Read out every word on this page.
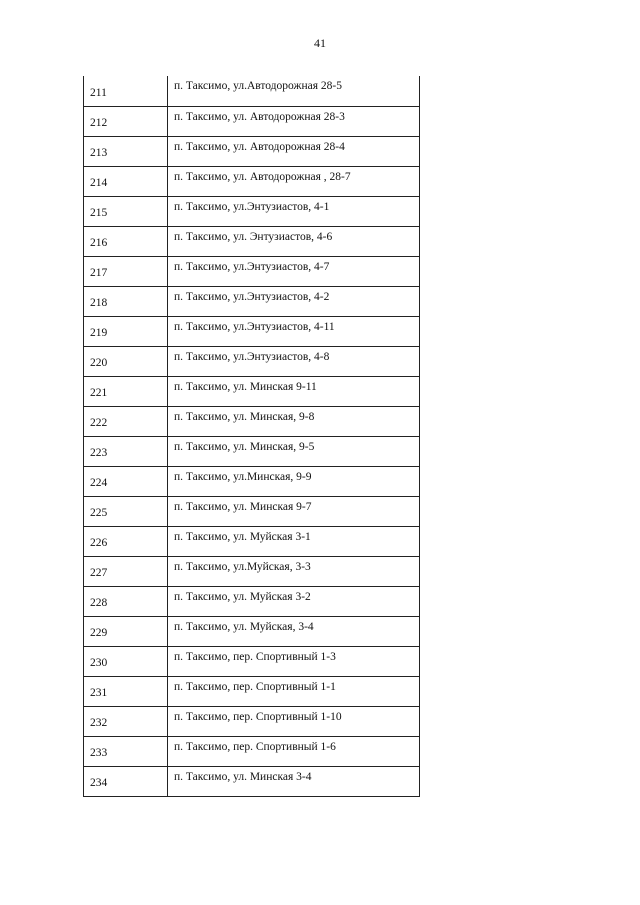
41
211	п. Таксимо, ул.Автодорожная 28-5
212	п. Таксимо, ул. Автодорожная 28-3
213	п. Таксимо, ул. Автодорожная 28-4
214	п. Таксимо, ул. Автодорожная , 28-7
215	п. Таксимо, ул.Энтузиастов, 4-1
216	п. Таксимо, ул. Энтузиастов, 4-6
217	п. Таксимо, ул.Энтузиастов, 4-7
218	п. Таксимо, ул.Энтузиастов, 4-2
219	п. Таксимо, ул.Энтузиастов, 4-11
220	п. Таксимо, ул.Энтузиастов, 4-8
221	п. Таксимо, ул. Минская 9-11
222	п. Таксимо, ул. Минская, 9-8
223	п. Таксимо, ул. Минская, 9-5
224	п. Таксимо, ул.Минская, 9-9
225	п. Таксимо, ул. Минская 9-7
226	п. Таксимо, ул. Муйская 3-1
227	п. Таксимо, ул.Муйская, 3-3
228	п. Таксимо, ул. Муйская 3-2
229	п. Таксимо, ул. Муйская, 3-4
230	п. Таксимо, пер. Спортивный 1-3
231	п. Таксимо, пер. Спортивный 1-1
232	п. Таксимо, пер. Спортивный 1-10
233	п. Таксимо, пер. Спортивный 1-6
234	п. Таксимо, ул. Минская 3-4
